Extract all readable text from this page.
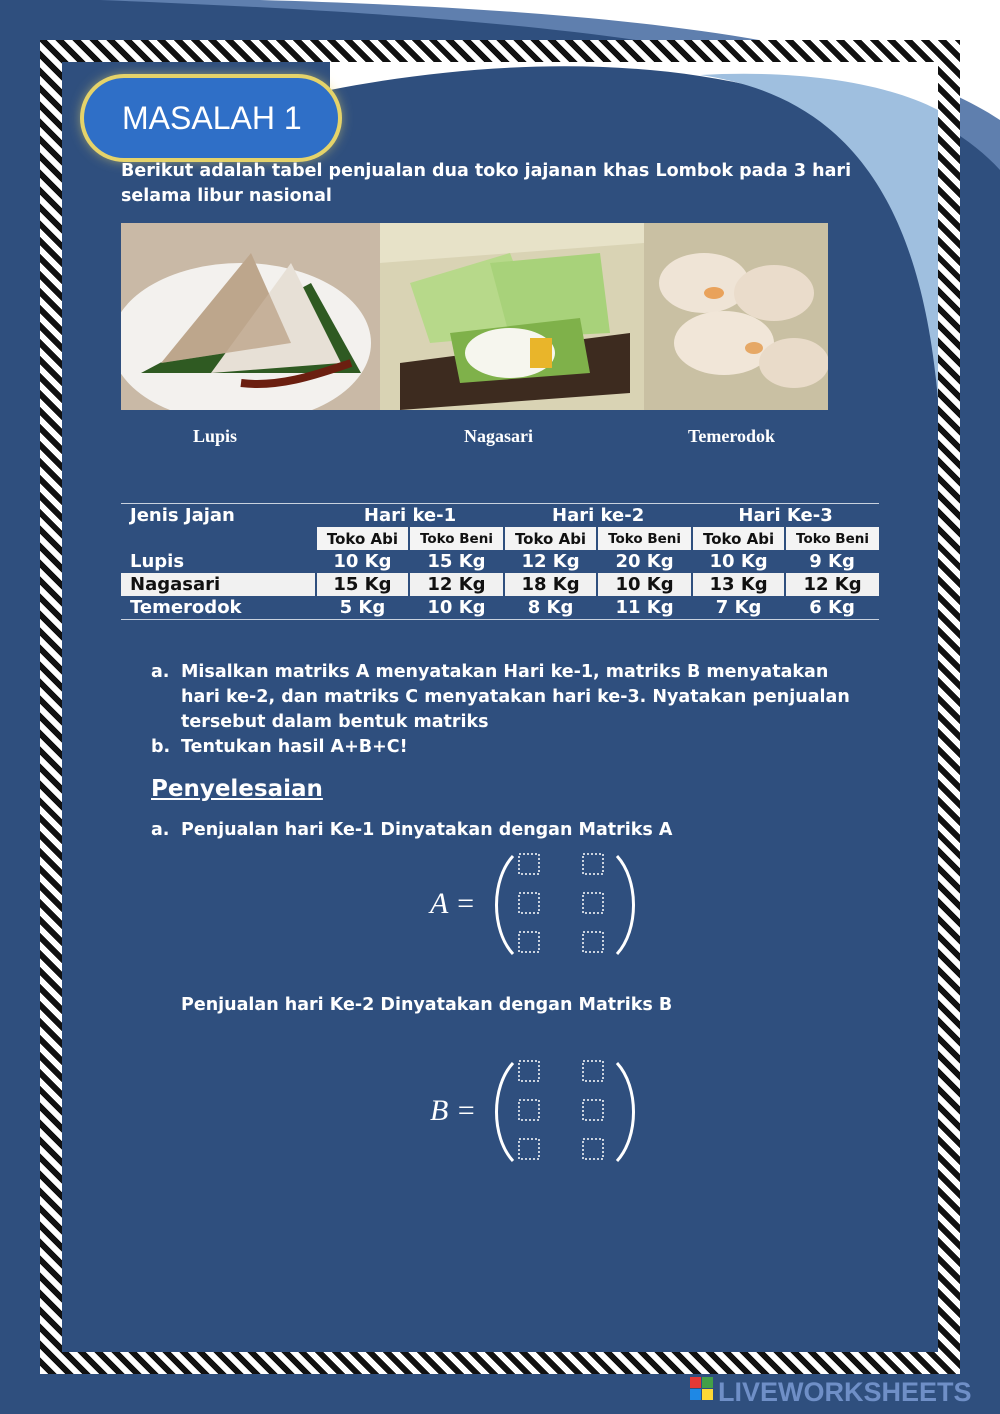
MASALAH 1
Berikut adalah tabel penjualan dua toko jajanan khas Lombok pada 3 hari selama libur nasional
Lupis	Nagasari	Temerodok
Jenis Jajan	Hari ke-1		Hari ke-2		Hari Ke-3	
	Toko Abi	Toko Beni	Toko Abi	Toko Beni	Toko Abi	Toko Beni
Lupis	10 Kg	15 Kg	12 Kg	20 Kg	10 Kg	9 Kg
Nagasari	15 Kg	12 Kg	18 Kg	10 Kg	13 Kg	12 Kg
Temerodok	5 Kg	10 Kg	8 Kg	11 Kg	7 Kg	6 Kg
a. Misalkan matriks A menyatakan Hari ke-1, matriks B menyatakan hari ke-2, dan matriks C menyatakan hari ke-3. Nyatakan penjualan tersebut dalam bentuk matriks
b. Tentukan hasil A+B+C!
Penyelesaian
a. Penjualan hari Ke-1 Dinyatakan dengan Matriks A
A =
Penjualan hari Ke-2 Dinyatakan dengan Matriks B
B =
LIVEWORKSHEETS
